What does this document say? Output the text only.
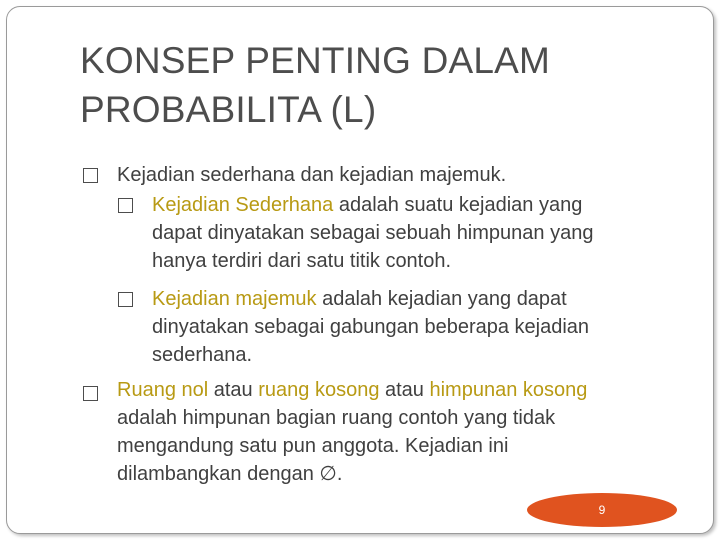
KONSEP PENTING DALAM
PROBABILITA (L)
Kejadian sederhana dan kejadian majemuk.
Kejadian Sederhana adalah suatu kejadian yang
dapat dinyatakan sebagai sebuah himpunan yang
hanya terdiri dari satu titik contoh.
Kejadian majemuk adalah kejadian yang dapat
dinyatakan sebagai gabungan beberapa kejadian
sederhana.
Ruang nol atau ruang kosong atau himpunan kosong
adalah himpunan bagian ruang contoh yang tidak
mengandung satu pun anggota. Kejadian ini
dilambangkan dengan ∅.
9
